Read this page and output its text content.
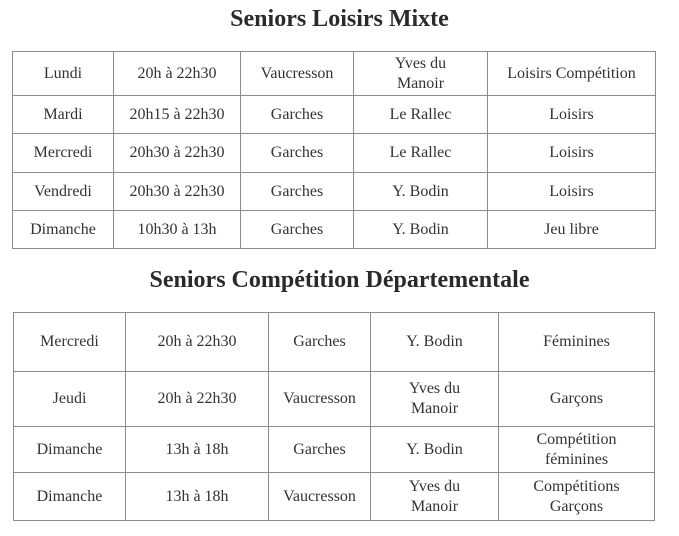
Seniors Loisirs Mixte
Lundi	20h à 22h30	Vaucresson	Yves du Manoir	Loisirs Compétition
Mardi	20h15 à 22h30	Garches	Le Rallec	Loisirs
Mercredi	20h30 à 22h30	Garches	Le Rallec	Loisirs
Vendredi	20h30 à 22h30	Garches	Y. Bodin	Loisirs
Dimanche	10h30 à 13h	Garches	Y. Bodin	Jeu libre
Seniors Compétition Départementale
Mercredi	20h à 22h30	Garches	Y. Bodin	Féminines
Jeudi	20h à 22h30	Vaucresson	Yves du Manoir	Garçons
Dimanche	13h à 18h	Garches	Y. Bodin	Compétition féminines
Dimanche	13h à 18h	Vaucresson	Yves du Manoir	Compétitions Garçons
